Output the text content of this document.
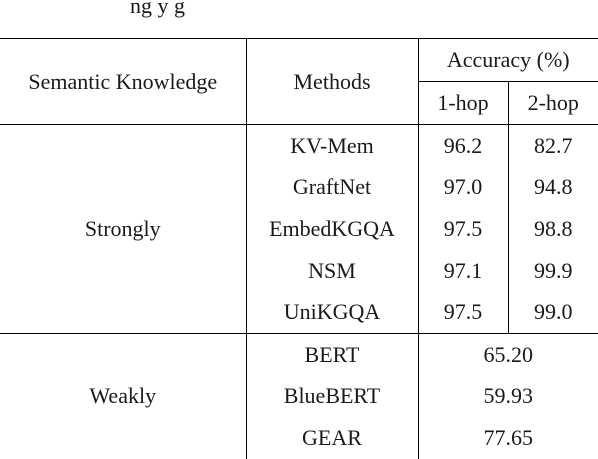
ng y g
Semantic Knowledge	Methods	Accuracy (%)	
		1-hop	2-hop
Strongly	KV-Mem	96.2	82.7
	GraftNet	97.0	94.8
	EmbedKGQA	97.5	98.8
	NSM	97.1	99.9
	UniKGQA	97.5	99.0
Weakly	BERT	65.20	
	BlueBERT	59.93	
	GEAR	77.65	
